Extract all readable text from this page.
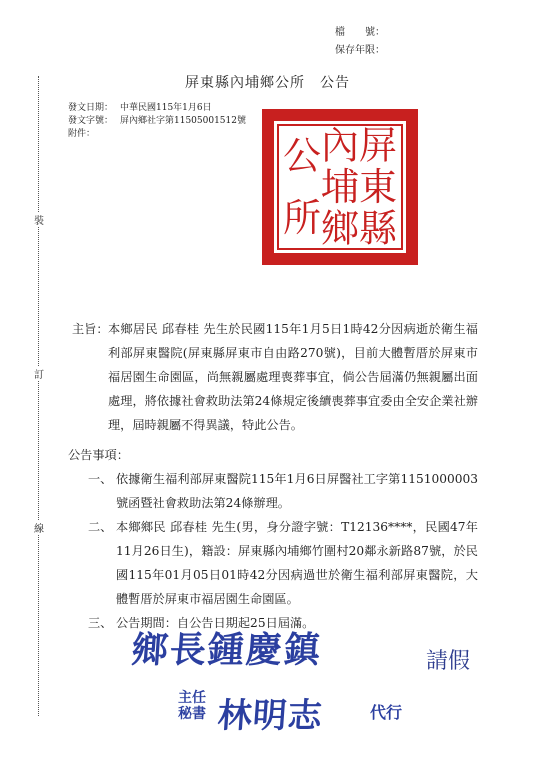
檔　　號：
保存年限：
裝
訂
線
屏東縣內埔鄉公所　公告
發文日期： 中華民國115年1月6日
發文字號： 屏內鄉社字第11505001512號
附件：	屏
東
縣
內
埔
鄉
公
所
主旨： 本鄉居民 邱春桂 先生於民國115年1月5日1時42分因病逝於衛生福利部屏東醫院(屏東縣屏東市自由路270號)，目前大體暫厝於屏東市福居園生命園區，尚無親屬處理喪葬事宜，倘公告屆滿仍無親屬出面處理，將依據社會救助法第24條規定後續喪葬事宜委由全安企業社辦理，屆時親屬不得異議，特此公告。
公告事項：
一、 依據衛生福利部屏東醫院115年1月6日屏醫社工字第1151000003號函暨社會救助法第24條辦理。
二、 本鄉鄉民 邱春桂 先生(男，身分證字號：T12136****，民國47年11月26日生)，籍設：屏東縣內埔鄉竹圍村20鄰永新路87號，於民國115年01月05日01時42分因病過世於衛生福利部屏東醫院，大體暫厝於屏東市福居園生命園區。
三、 公告期間：自公告日期起25日屆滿。
鄉長鍾慶鎮	請假
主任
秘書 林明志	代行
